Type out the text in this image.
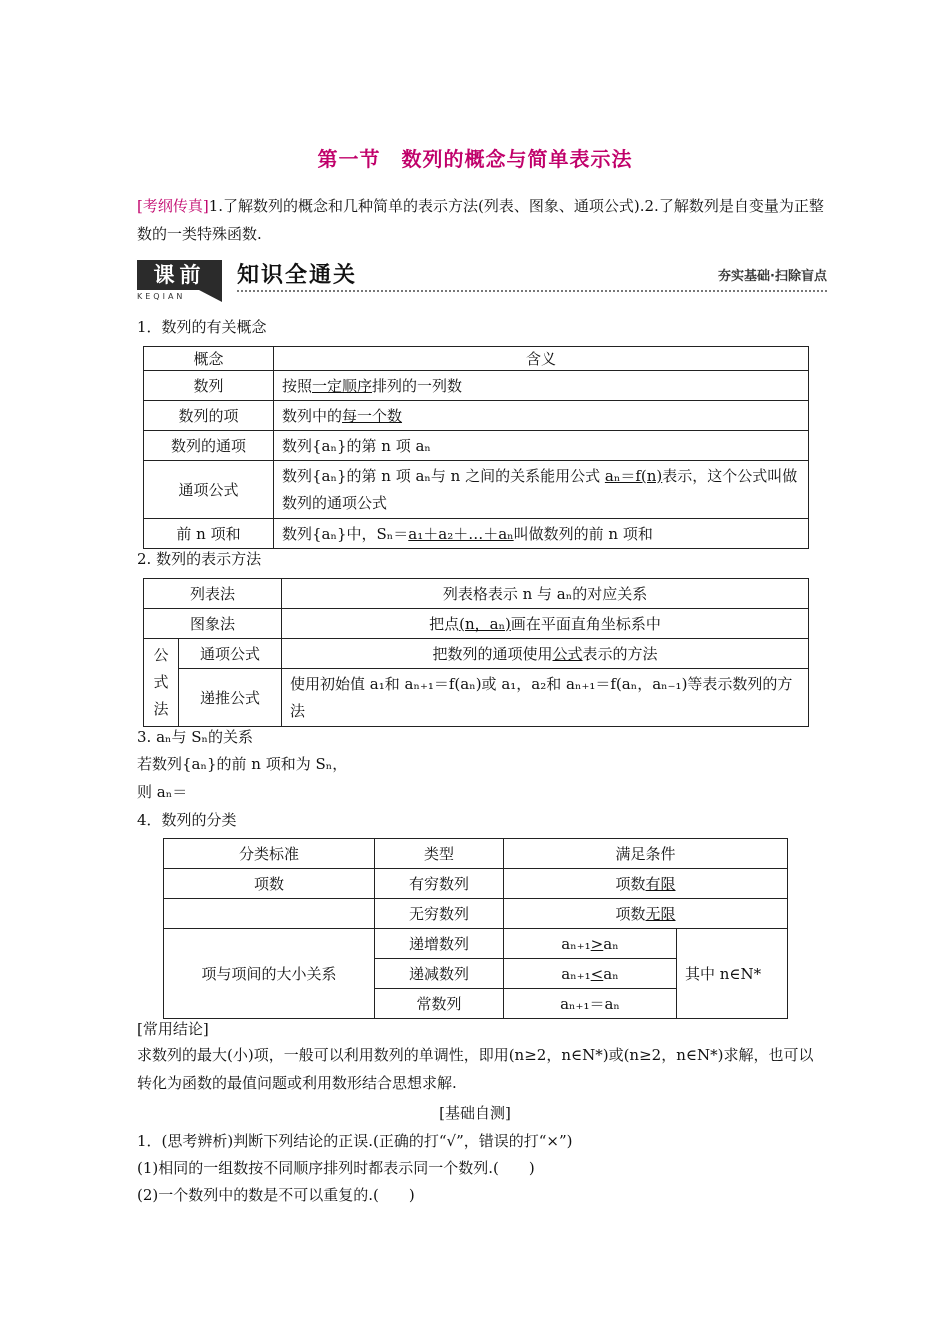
第一节　数列的概念与简单表示法
[考纲传真]1.了解数列的概念和几种简单的表示方法(列表、图象、通项公式).2.了解数列是自变量为正整数的一类特殊函数.
课前
KEQIAN
知识全通关	夯实基础·扫除盲点
1．数列的有关概念
概念	含义
数列	按照一定顺序排列的一列数
数列的项	数列中的每一个数
数列的通项	数列{aₙ}的第 n 项 aₙ
通项公式	数列{aₙ}的第 n 项 aₙ与 n 之间的关系能用公式 aₙ＝f(n)表示，这个公式叫做数列的通项公式
前 n 项和	数列{aₙ}中，Sₙ＝a₁＋a₂＋…＋aₙ叫做数列的前 n 项和
2. 数列的表示方法
列表法		列表格表示 n 与 aₙ的对应关系
图象法		把点(n，aₙ)画在平面直角坐标系中

公
式
法	通项公式	把数列的通项使用公式表示的方法
	递推公式	使用初始值 a₁和 aₙ₊₁＝f(aₙ)或 a₁，a₂和 aₙ₊₁＝f(aₙ，aₙ₋₁)等表示数列的方法
3. aₙ与 Sₙ的关系
若数列{aₙ}的前 n 项和为 Sₙ，
则 aₙ＝
4．数列的分类
分类标准	类型	满足条件	
项数	有穷数列	项数有限	
	无穷数列	项数无限	
项与项间的大小关系	递增数列	aₙ₊₁>aₙ	其中 n∈N*
	递减数列	aₙ₊₁<aₙ	
	常数列	aₙ₊₁＝aₙ	
[常用结论]
求数列的最大(小)项，一般可以利用数列的单调性，即用(n≥2，n∈N*)或(n≥2，n∈N*)求解，也可以转化为函数的最值问题或利用数形结合思想求解.
[基础自测]
1．(思考辨析)判断下列结论的正误.(正确的打“√”，错误的打“×”)
(1)相同的一组数按不同顺序排列时都表示同一个数列.(　　)
(2)一个数列中的数是不可以重复的.(　　)
